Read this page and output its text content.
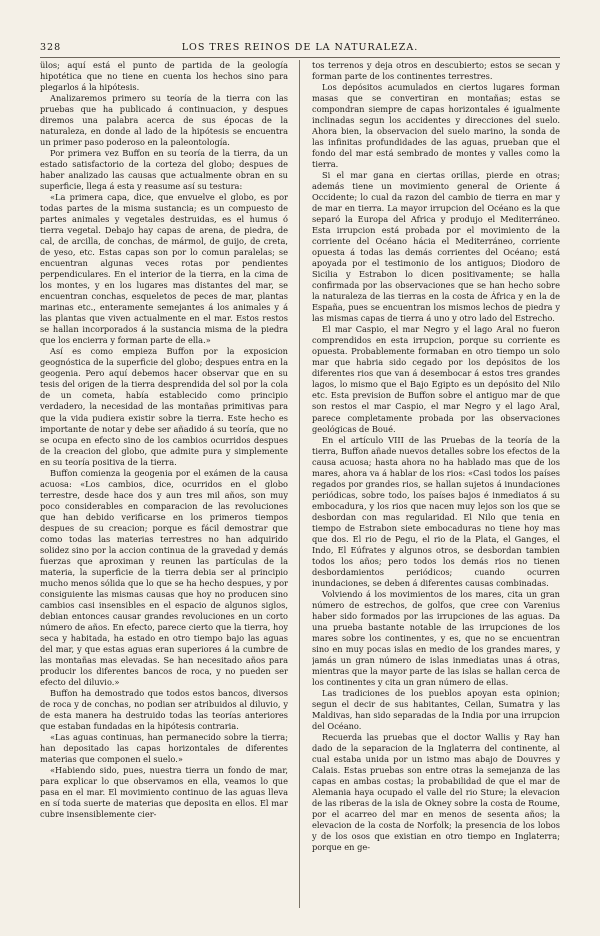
328	LOS TRES REINOS DE LA NATURALEZA.

ülos; aquí está el punto de partida de la geología hipotética que no tiene en cuenta los hechos sino para plegarlos á la hipótesis.

Analizaremos primero su teoría de la tierra con las pruebas que ha publicado á continuacion, y despues diremos una palabra acerca de sus épocas de la naturaleza, en donde al lado de la hipótesis se encuentra un primer paso poderoso en la paleontología.

Por primera vez Buffon en su teoría de la tierra, da un estado satisfactorio de la corteza del globo; despues de haber analizado las causas que actualmente obran en su superficie, llega á esta y reasume así su testura:

«La primera capa, dice, que envuelve el globo, es por todas partes de la misma sustancia; es un compuesto de partes animales y vegetales destruidas, es el humus ó tierra vegetal. Debajo hay capas de arena, de piedra, de cal, de arcilla, de conchas, de mármol, de guijo, de creta, de yeso, etc. Estas capas son por lo comun paralelas; se encuentran algunas veces rotas por pendientes perpendiculares. En el interior de la tierra, en la cima de los montes, y en los lugares mas distantes del mar, se encuentran conchas, esqueletos de peces de mar, plantas marinas etc., enteramente semejantes á los animales y á las plantas que viven actualmente en el mar. Estos restos se hallan incorporados á la sustancia misma de la piedra que los encierra y forman parte de ella.»

Así es como empieza Buffon por la exposicion geognóstica de la superficie del globo; despues entra en la geogenia. Pero aquí debemos hacer observar que en su tesis del origen de la tierra desprendida del sol por la cola de un cometa, había establecido como principio verdadero, la necesidad de las montañas primitivas para que la vida pudiera existir sobre la tierra. Este hecho es importante de notar y debe ser añadido á su teoría, que no se ocupa en efecto sino de los cambios ocurridos despues de la creacion del globo, que admite pura y simplemente en su teoría positiva de la tierra.

Buffon comienza la geogenia por el exámen de la causa acuosa: «Los cambios, dice, ocurridos en el globo terrestre, desde hace dos y aun tres mil años, son muy poco considerables en comparacion de las revoluciones que han debido verificarse en los primeros tiempos despues de su creacion; porque es fácil demostrar que como todas las materias terrestres no han adquirido solidez sino por la accion continua de la gravedad y demás fuerzas que aproximan y reunen las partículas de la materia, la superficie de la tierra debia ser al principio mucho menos sólida que lo que se ha hecho despues, y por consiguiente las mismas causas que hoy no producen sino cambios casi insensibles en el espacio de algunos siglos, debian entonces causar grandes revoluciones en un corto número de años. En efecto, parece cierto que la tierra, hoy seca y habitada, ha estado en otro tiempo bajo las aguas del mar, y que estas aguas eran superiores á la cumbre de las montañas mas elevadas. Se han necesitado años para producir los diferentes bancos de roca, y no pueden ser efecto del diluvio.»

Buffon ha demostrado que todos estos bancos, diversos de roca y de conchas, no podian ser atribuidos al diluvio, y de esta manera ha destruido todas las teorías anteriores que estaban fundadas en la hipótesis contraria.

«Las aguas continuas, han permanecido sobre la tierra; han depositado las capas horizontales de diferentes materias que componen el suelo.»

«Habiendo sido, pues, nuestra tierra un fondo de mar, para explicar lo que observamos en ella, veamos lo que pasa en el mar. El movimiento continuo de las aguas lleva en sí toda suerte de materias que deposita en ellos. El mar cubre insensiblemente cier-

tos terrenos y deja otros en descubierto; estos se secan y forman parte de los continentes terrestres.

Los depósitos acumulados en ciertos lugares forman masas que se convertiran en montañas; estas se compondran siempre de capas horizontales é igualmente inclinadas segun los accidentes y direcciones del suelo. Ahora bien, la observacion del suelo marino, la sonda de las infinitas profundidades de las aguas, prueban que el fondo del mar está sembrado de montes y valles como la tierra.

Si el mar gana en ciertas orillas, pierde en otras; además tiene un movimiento general de Oriente á Occidente; lo cual da razon del cambio de tierra en mar y de mar en tierra. La mayor irrupcion del Océano es la que separó la Europa del Africa y produjo el Mediterráneo. Esta irrupcion está probada por el movimiento de la corriente del Océano hácia el Mediterráneo, corriente opuesta á todas las demás corrientes del Océano; está apoyada por el testimonio de los antiguos; Diodoro de Sicilia y Estrabon lo dicen positivamente; se halla confirmada por las observaciones que se han hecho sobre la naturaleza de las tierras en la costa de África y en la de España, pues se encuentran los mismos lechos de piedra y las mismas capas de tierra á uno y otro lado del Estrecho.

El mar Caspio, el mar Negro y el lago Aral no fueron comprendidos en esta irrupcion, porque su corriente es opuesta. Probablemente formaban en otro tiempo un solo mar que habria sido cegado por los depósitos de los diferentes rios que van á desembocar á estos tres grandes lagos, lo mismo que el Bajo Egipto es un depósito del Nilo etc. Esta prevision de Buffon sobre el antiguo mar de que son restos el mar Caspio, el mar Negro y el lago Aral, parece completamente probada por las observaciones geológicas de Boué.

En el artículo VIII de las Pruebas de la teoría de la tierra, Buffon añade nuevos detalles sobre los efectos de la causa acuosa; hasta ahora no ha hablado mas que de los mares, ahora va á hablar de los rios: «Casi todos los países regados por grandes rios, se hallan sujetos á inundaciones periódicas, sobre todo, los países bajos é inmediatos á su embocadura, y los rios que nacen muy lejos son los que se desbordan con mas regularidad. El Nilo que tenia en tiempo de Estrabon siete embocaduras no tiene hoy mas que dos. El rio de Pegu, el rio de la Plata, el Ganges, el Indo, El Eúfrates y algunos otros, se desbordan tambien todos los años; pero todos los demás rios no tienen desbordamientos periódicos; cuando ocurren inundaciones, se deben á diferentes causas combinadas.

Volviendo á los movimientos de los mares, cita un gran número de estrechos, de golfos, que cree con Varenius haber sido formados por las irrupciones de las aguas. Da una prueba bastante notable de las irrupciones de los mares sobre los continentes, y es, que no se encuentran sino en muy pocas islas en medio de los grandes mares, y jamás un gran número de islas inmediatas unas á otras, mientras que la mayor parte de las islas se hallan cerca de los continentes y cita un gran número de ellas.

Las tradiciones de los pueblos apoyan esta opinion; segun el decir de sus habitantes, Ceilan, Sumatra y las Maldivas, han sido separadas de la India por una irrupcion del Océano.

Recuerda las pruebas que el doctor Wallis y Ray han dado de la separacion de la Inglaterra del continente, al cual estaba unida por un istmo mas abajo de Douvres y Calais. Estas pruebas son entre otras la semejanza de las capas en ambas costas; la probabilidad de que el mar de Alemania haya ocupado el valle del rio Sture; la elevacion de las riberas de la isla de Okney sobre la costa de Roume, por el acarreo del mar en menos de sesenta años; la elevacion de la costa de Norfolk; la presencia de los lobos y de los osos que existian en otro tiempo en Inglaterra; porque en ge-
